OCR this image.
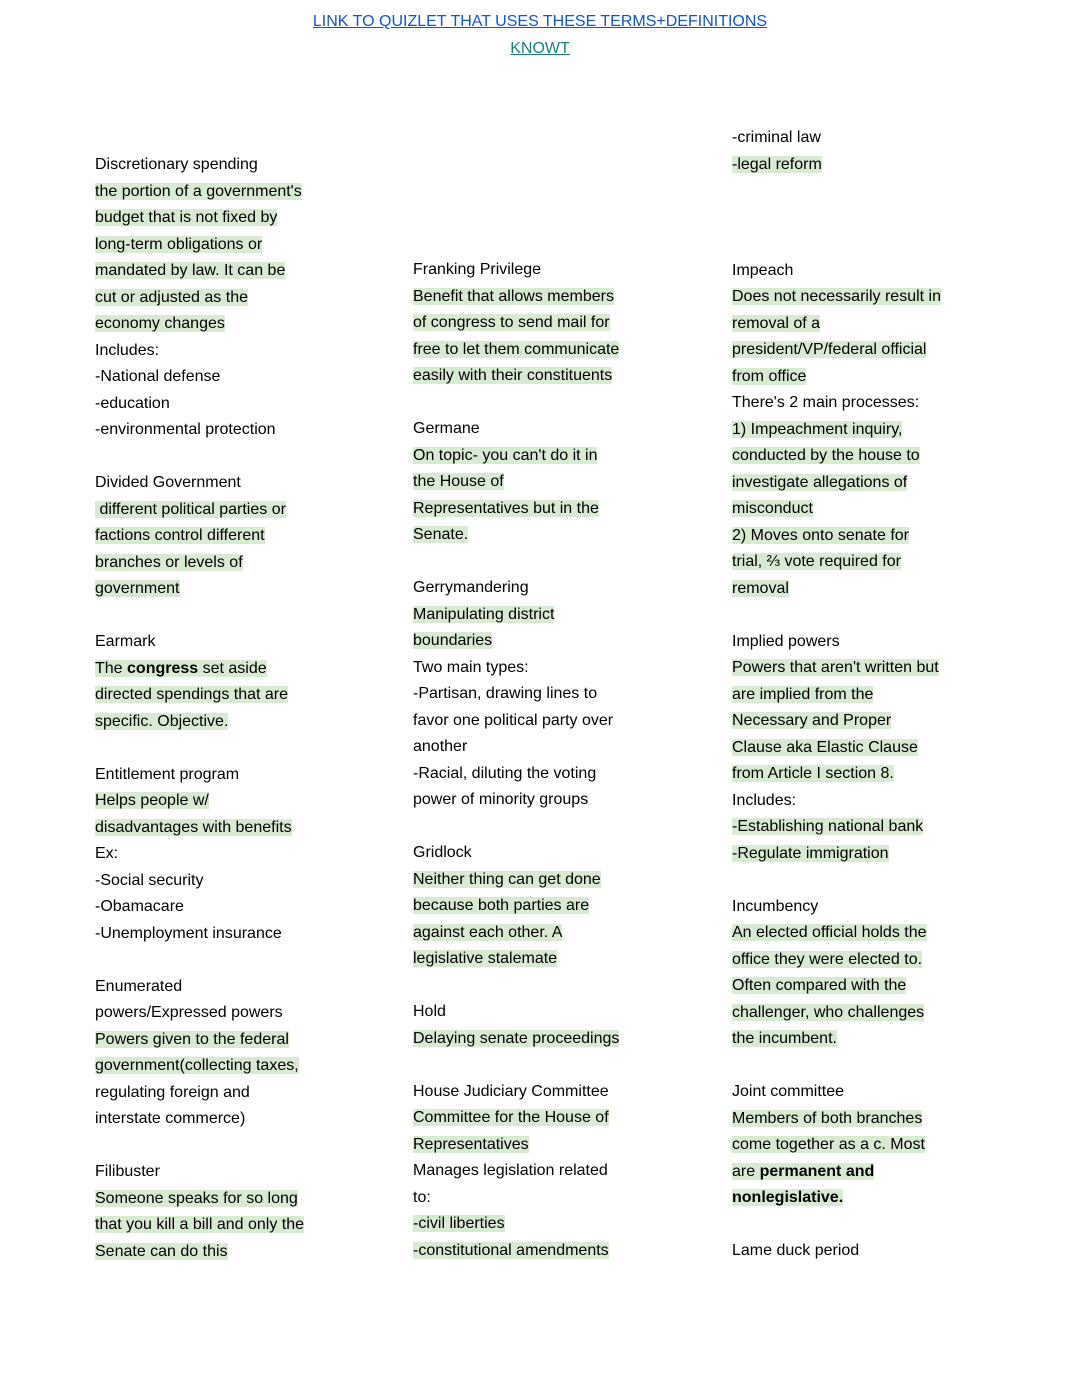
LINK TO QUIZLET THAT USES THESE TERMS+DEFINITIONS
KNOWT
Discretionary spending
the portion of a government's
budget that is not fixed by
long-term obligations or
mandated by law. It can be
cut or adjusted as the
economy changes
Includes:
-National defense
-education
-environmental protection
Divided Government
different political parties or
factions control different
branches or levels of
government
Earmark
The congress set aside
directed spendings that are
specific. Objective.
Entitlement program
Helps people w/
disadvantages with benefits
Ex:
-Social security
-Obamacare
-Unemployment insurance
Enumerated
powers/Expressed powers
Powers given to the federal
government(collecting taxes,
regulating foreign and
interstate commerce)
Filibuster
Someone speaks for so long
that you kill a bill and only the
Senate can do this
Franking Privilege
Benefit that allows members
of congress to send mail for
free to let them communicate
easily with their constituents
Germane
On topic- you can't do it in
the House of
Representatives but in the
Senate.
Gerrymandering
Manipulating district
boundaries
Two main types:
-Partisan, drawing lines to
favor one political party over
another
-Racial, diluting the voting
power of minority groups
Gridlock
Neither thing can get done
because both parties are
against each other. A
legislative stalemate
Hold
Delaying senate proceedings
House Judiciary Committee
Committee for the House of
Representatives
Manages legislation related
to:
-civil liberties
-constitutional amendments
-criminal law
-legal reform
Impeach
Does not necessarily result in
removal of a
president/VP/federal official
from office
There's 2 main processes:
1) Impeachment inquiry,
conducted by the house to
investigate allegations of
misconduct
2) Moves onto senate for
trial, ⅔ vote required for
removal
Implied powers
Powers that aren't written but
are implied from the
Necessary and Proper
Clause aka Elastic Clause
from Article I section 8.
Includes:
-Establishing national bank
-Regulate immigration
Incumbency
An elected official holds the
office they were elected to.
Often compared with the
challenger, who challenges
the incumbent.
Joint committee
Members of both branches
come together as a c. Most
are permanent and
nonlegislative.
Lame duck period
